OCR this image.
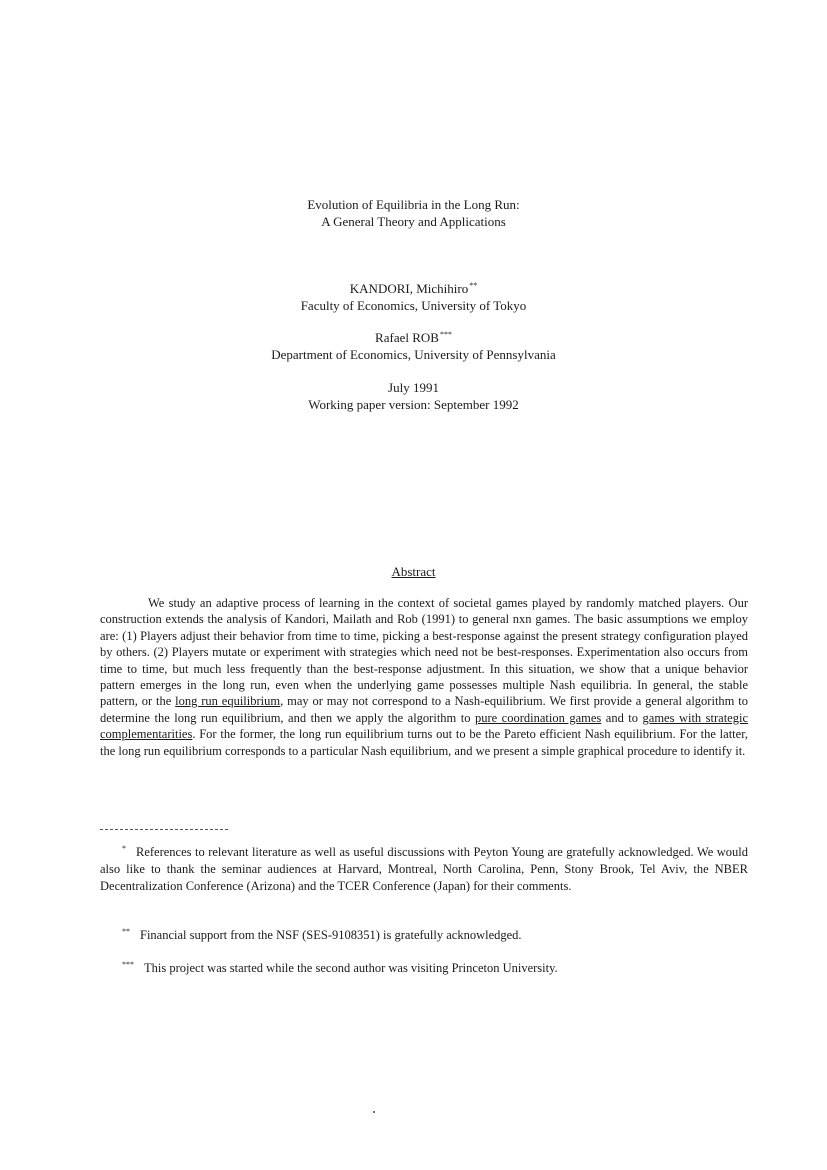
Evolution of Equilibria in the Long Run:
A General Theory and Applications
KANDORI, Michihiro**
Faculty of Economics, University of Tokyo
Rafael ROB***
Department of Economics, University of Pennsylvania
July 1991
Working paper version: September 1992
Abstract

We study an adaptive process of learning in the context of societal games played by randomly matched players. Our construction extends the analysis of Kandori, Mailath and Rob (1991) to general nxn games. The basic assumptions we employ are: (1) Players adjust their behavior from time to time, picking a best-response against the present strategy configuration played by others. (2) Players mutate or experiment with strategies which need not be best-responses. Experimentation also occurs from time to time, but much less frequently than the best-response adjustment. In this situation, we show that a unique behavior pattern emerges in the long run, even when the underlying game possesses multiple Nash equilibria. In general, the stable pattern, or the long run equilibrium, may or may not correspond to a Nash-equilibrium. We first provide a general algorithm to determine the long run equilibrium, and then we apply the algorithm to pure coordination games and to games with strategic complementarities. For the former, the long run equilibrium turns out to be the Pareto efficient Nash equilibrium. For the latter, the long run equilibrium corresponds to a particular Nash equilibrium, and we present a simple graphical procedure to identify it.

* References to relevant literature as well as useful discussions with Peyton Young are gratefully acknowledged. We would also like to thank the seminar audiences at Harvard, Montreal, North Carolina, Penn, Stony Brook, Tel Aviv, the NBER Decentralization Conference (Arizona) and the TCER Conference (Japan) for their comments.

** Financial support from the NSF (SES-9108351) is gratefully acknowledged.

*** This project was started while the second author was visiting Princeton University.
